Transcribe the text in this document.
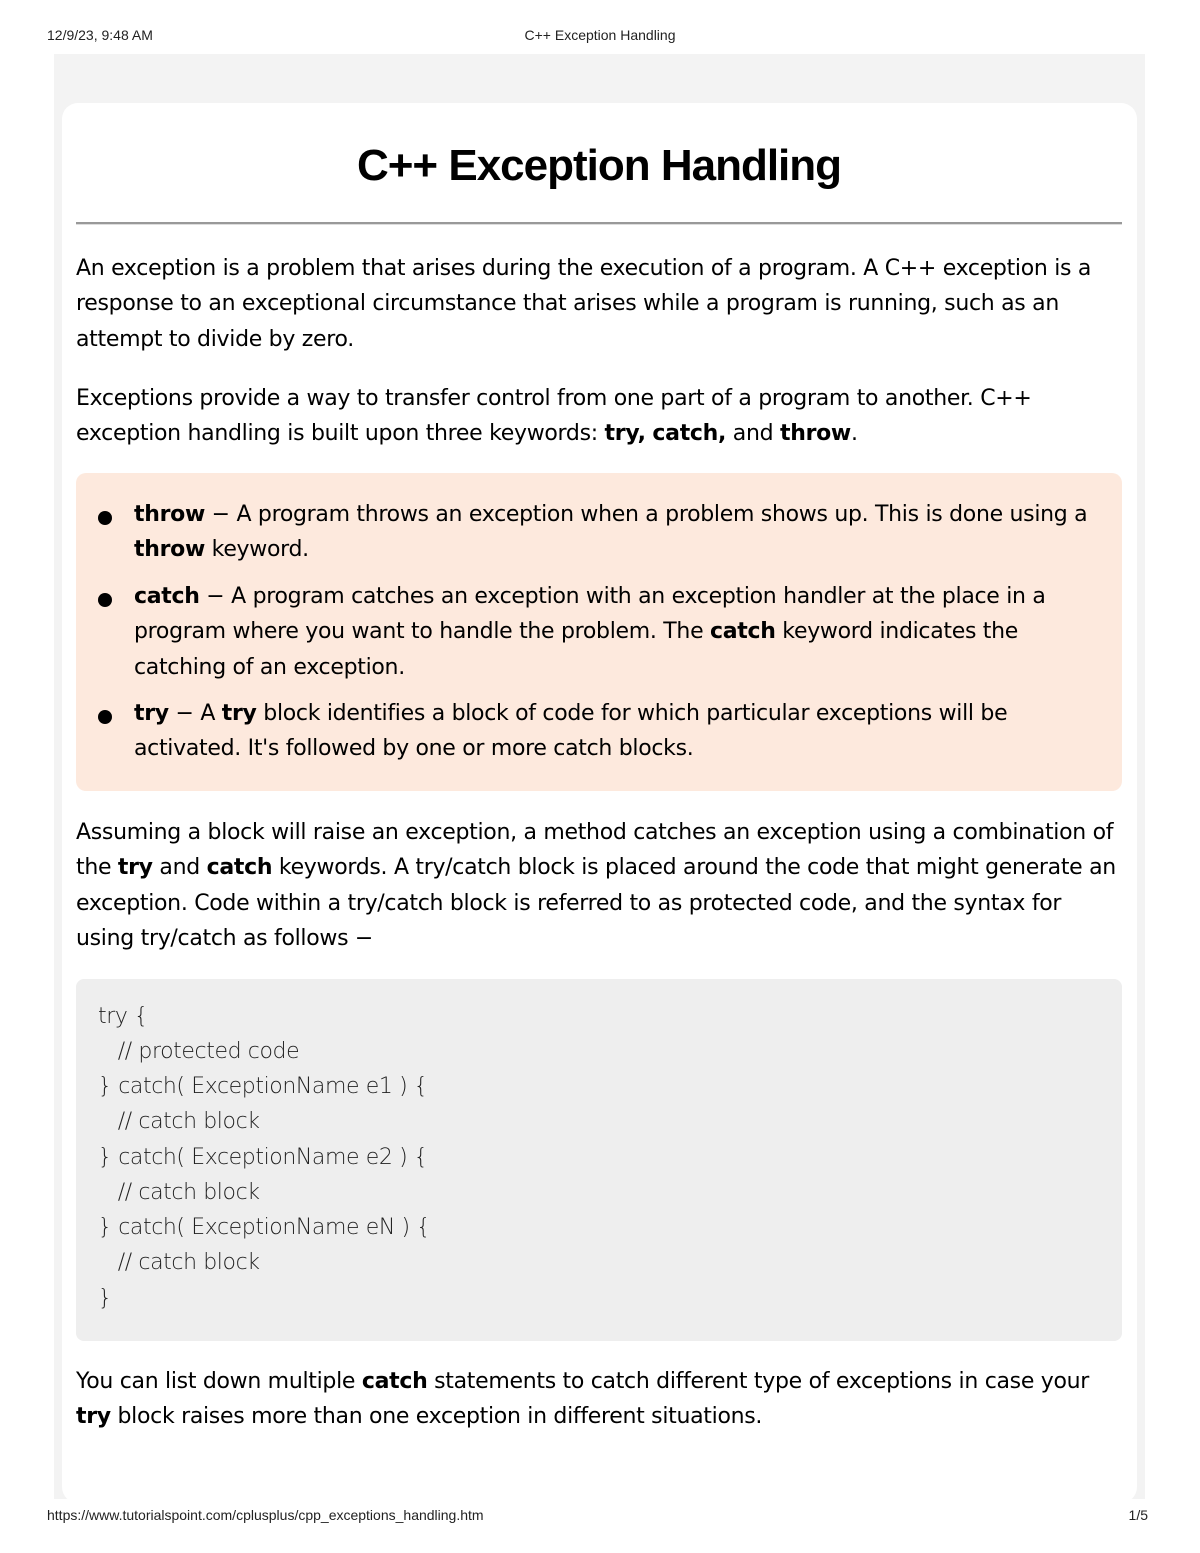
12/9/23, 9:48 AM	C++ Exception Handling
C++ Exception Handling

An exception is a problem that arises during the execution of a program. A C++ exception is a response to an exceptional circumstance that arises while a program is running, such as an attempt to divide by zero.

Exceptions provide a way to transfer control from one part of a program to another. C++ exception handling is built upon three keywords: try, catch, and throw.

throw − A program throws an exception when a problem shows up. This is done using a throw keyword.
catch − A program catches an exception with an exception handler at the place in a program where you want to handle the problem. The catch keyword indicates the catching of an exception.
try − A try block identifies a block of code for which particular exceptions will be activated. It's followed by one or more catch blocks.

Assuming a block will raise an exception, a method catches an exception using a combination of the try and catch keywords. A try/catch block is placed around the code that might generate an exception. Code within a try/catch block is referred to as protected code, and the syntax for using try/catch as follows −

try {
// protected code
} catch( ExceptionName e1 ) {
// catch block
} catch( ExceptionName e2 ) {
// catch block
} catch( ExceptionName eN ) {
// catch block
}

You can list down multiple catch statements to catch different type of exceptions in case your try block raises more than one exception in different situations.

https://www.tutorialspoint.com/cplusplus/cpp_exceptions_handling.htm	1/5
